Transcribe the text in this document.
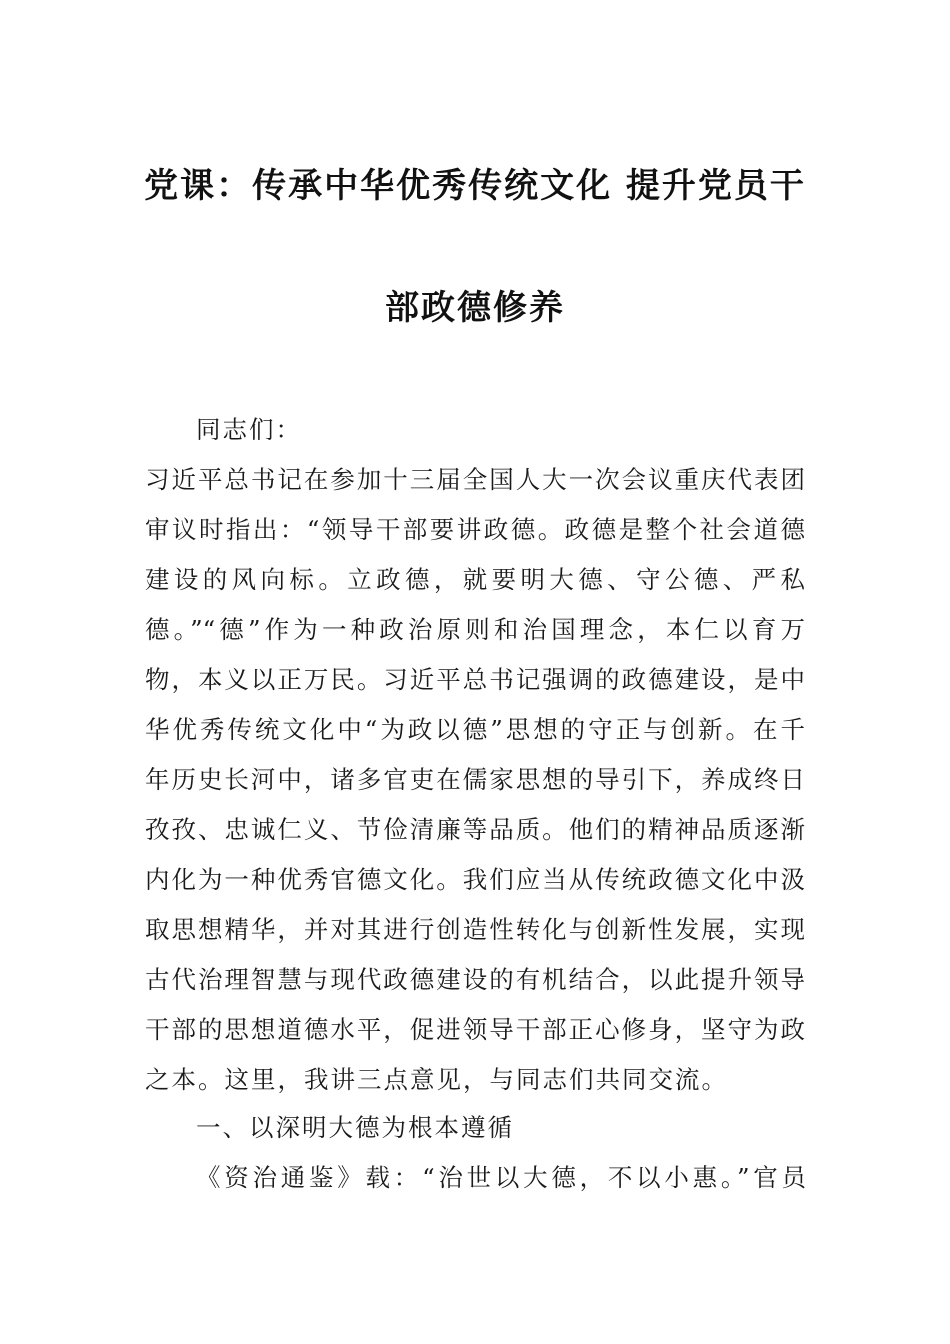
党课：传承中华优秀传统文化 提升党员干
部政德修养
同志们：
习近平总书记在参加十三届全国人大一次会议重庆代表团
审议时指出：“领导干部要讲政德。政德是整个社会道德
建设的风向标。立政德，就要明大德、守公德、严私
德。”“德”作为一种政治原则和治国理念，本仁以育万
物，本义以正万民。习近平总书记强调的政德建设，是中
华优秀传统文化中“为政以德”思想的守正与创新。在千
年历史长河中，诸多官吏在儒家思想的导引下，养成终日
孜孜、忠诚仁义、节俭清廉等品质。他们的精神品质逐渐
内化为一种优秀官德文化。我们应当从传统政德文化中汲
取思想精华，并对其进行创造性转化与创新性发展，实现
古代治理智慧与现代政德建设的有机结合，以此提升领导
干部的思想道德水平，促进领导干部正心修身，坚守为政
之本。这里，我讲三点意见，与同志们共同交流。
一、以深明大德为根本遵循
《资治通鉴》载：“治世以大德，不以小惠。”官员
